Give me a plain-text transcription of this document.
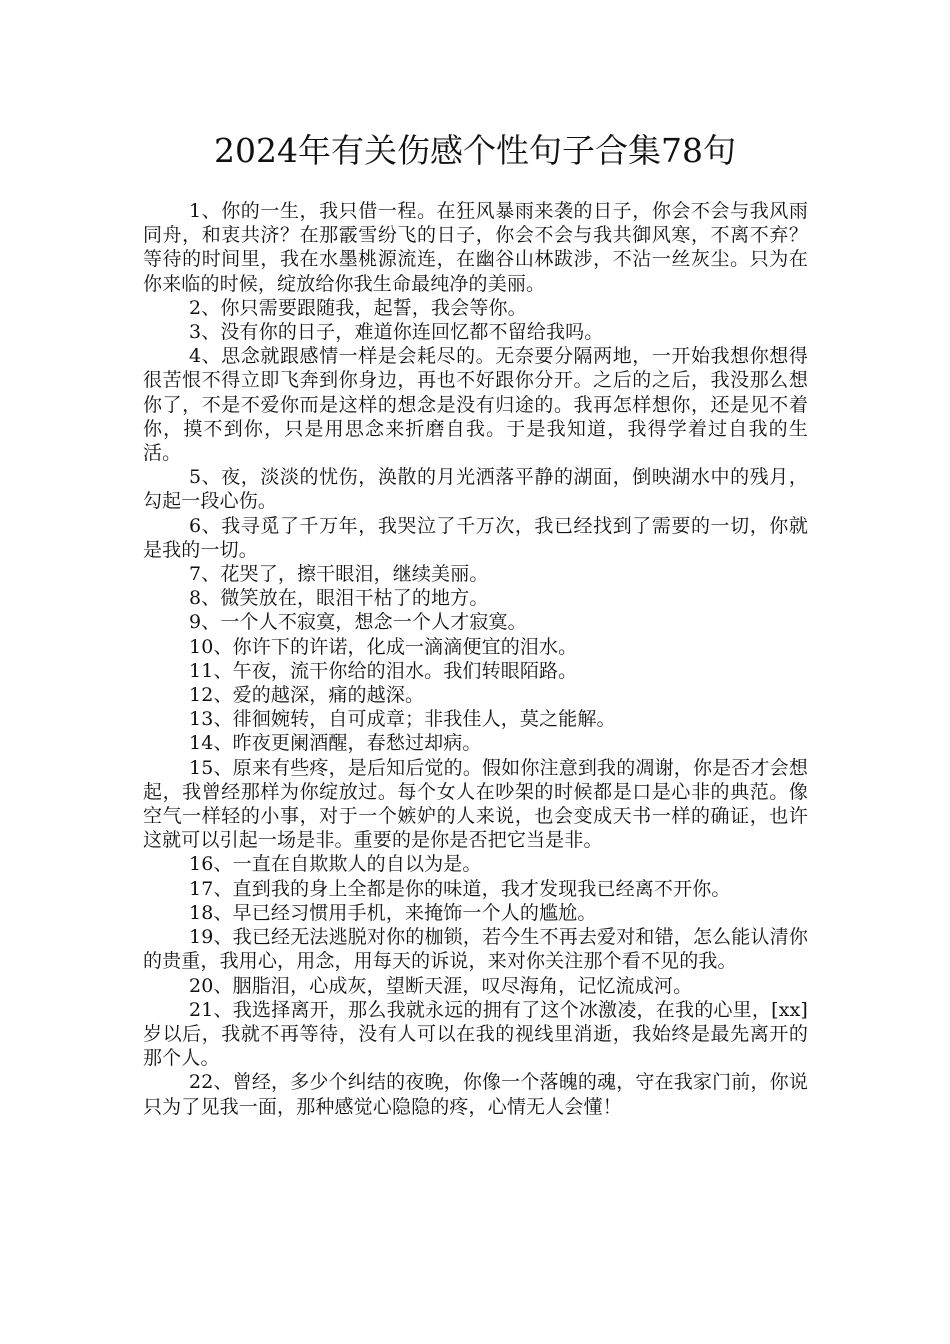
2024年有关伤感个性句子合集78句

1、你的一生，我只借一程。在狂风暴雨来袭的日子，你会不会与我风雨同舟，和衷共济？在那霰雪纷飞的日子，你会不会与我共御风寒，不离不弃？等待的时间里，我在水墨桃源流连，在幽谷山林跋涉，不沾一丝灰尘。只为在你来临的时候，绽放给你我生命最纯净的美丽。

2、你只需要跟随我，起誓，我会等你。

3、没有你的日子，难道你连回忆都不留给我吗。

4、思念就跟感情一样是会耗尽的。无奈要分隔两地，一开始我想你想得很苦恨不得立即飞奔到你身边，再也不好跟你分开。之后的之后，我没那么想你了，不是不爱你而是这样的想念是没有归途的。我再怎样想你，还是见不着你，摸不到你，只是用思念来折磨自我。于是我知道，我得学着过自我的生活。

5、夜，淡淡的忧伤，涣散的月光洒落平静的湖面，倒映湖水中的残月，勾起一段心伤。

6、我寻觅了千万年，我哭泣了千万次，我已经找到了需要的一切，你就是我的一切。

7、花哭了，擦干眼泪，继续美丽。

8、微笑放在，眼泪干枯了的地方。

9、一个人不寂寞，想念一个人才寂寞。

10、你许下的许诺，化成一滴滴便宜的泪水。

11、午夜，流干你给的泪水。我们转眼陌路。

12、爱的越深，痛的越深。

13、徘徊婉转，自可成章；非我佳人，莫之能解。

14、昨夜更阑酒醒，春愁过却病。

15、原来有些疼，是后知后觉的。假如你注意到我的凋谢，你是否才会想起，我曾经那样为你绽放过。每个女人在吵架的时候都是口是心非的典范。像空气一样轻的小事，对于一个嫉妒的人来说，也会变成天书一样的确证，也许这就可以引起一场是非。重要的是你是否把它当是非。

16、一直在自欺欺人的自以为是。

17、直到我的身上全都是你的味道，我才发现我已经离不开你。

18、早已经习惯用手机，来掩饰一个人的尴尬。

19、我已经无法逃脱对你的枷锁，若今生不再去爱对和错，怎么能认清你的贵重，我用心，用念，用每天的诉说，来对你关注那个看不见的我。

20、胭脂泪，心成灰，望断天涯，叹尽海角，记忆流成河。

21、我选择离开，那么我就永远的拥有了这个冰激凌，在我的心里，[xx]岁以后，我就不再等待，没有人可以在我的视线里消逝，我始终是最先离开的那个人。

22、曾经，多少个纠结的夜晚，你像一个落魄的魂，守在我家门前，你说只为了见我一面，那种感觉心隐隐的疼，心情无人会懂！
